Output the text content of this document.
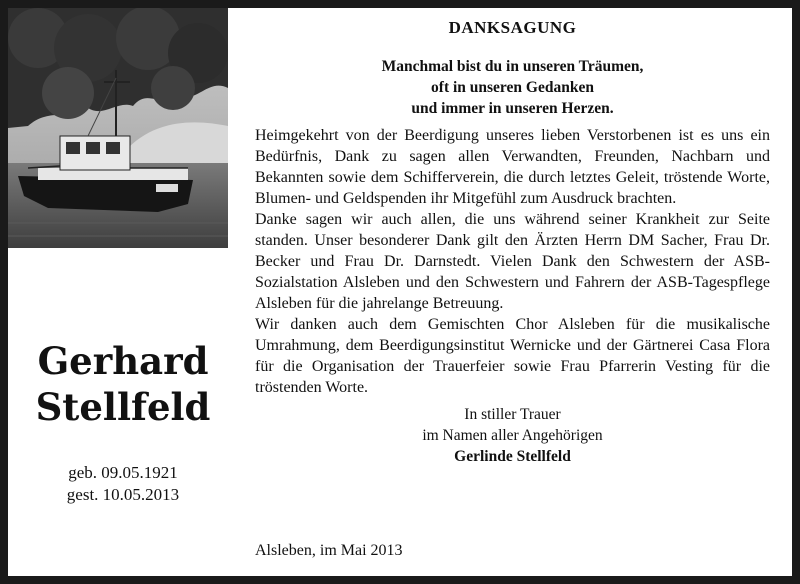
Gerhard
Stellfeld
geb. 09.05.1921
gest. 10.05.2013
DANKSAGUNG
Manchmal bist du in unseren Träumen,
oft in unseren Gedanken
und immer in unseren Herzen.

Heimgekehrt von der Beerdigung unseres lieben Verstorbenen ist es uns ein Bedürfnis, Dank zu sagen allen Verwandten, Freunden, Nachbarn und Bekannten sowie dem Schifferverein, die durch letztes Geleit, tröstende Worte, Blumen- und Geldspenden ihr Mitgefühl zum Ausdruck brachten.

Danke sagen wir auch allen, die uns während seiner Krankheit zur Seite standen. Unser besonderer Dank gilt den Ärzten Herrn DM Sacher, Frau Dr. Becker und Frau Dr. Darnstedt. Vielen Dank den Schwestern der ASB-Sozialstation Alsleben und den Schwestern und Fahrern der ASB-Tagespflege Alsleben für die jahrelange Betreuung.

Wir danken auch dem Gemischten Chor Alsleben für die musikalische Umrahmung, dem Beerdigungsinstitut Wernicke und der Gärtnerei Casa Flora für die Organisation der Trauerfeier sowie Frau Pfarrerin Vesting für die tröstenden Worte.

In stiller Trauer
im Namen aller Angehörigen
Gerlinde Stellfeld
Alsleben, im Mai 2013
